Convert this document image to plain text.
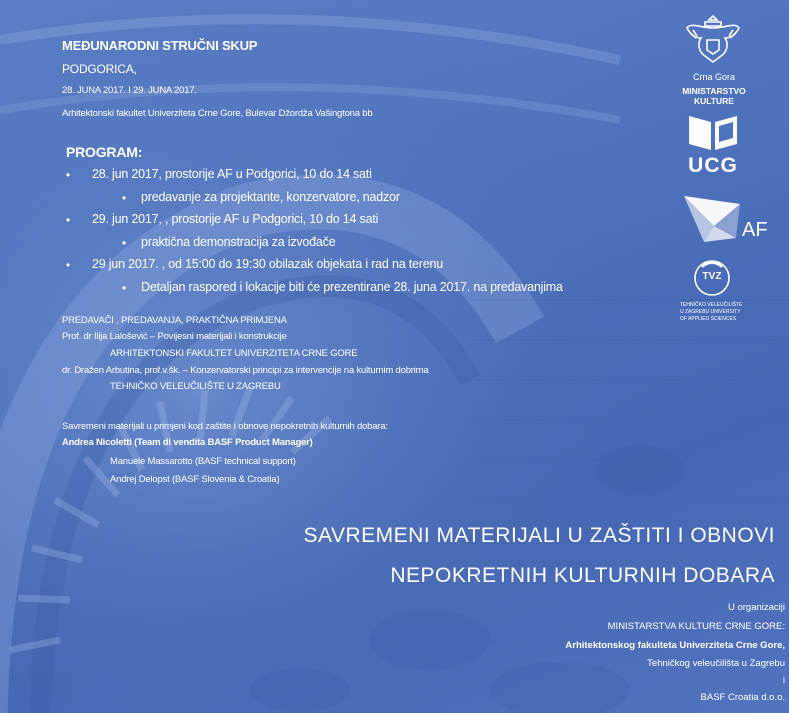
MEĐUNARODNI STRUČNI SKUP
PODGORICA,
28. JUNA 2017. I 29. JUNA 2017.
Arhitektonski fakultet Univerziteta Crne Gore, Bulevar Džordža Vašingtona bb
PROGRAM:
• 28. jun 2017, prostorije AF u Podgorici, 10 do 14 sati
• predavanje za projektante, konzervatore, nadzor
• 29. jun 2017, , prostorije AF u Podgorici, 10 do 14 sati
• praktična demonstracija za izvođače
• 29 jun 2017. , od 15:00 do 19:30 obilazak objekata i rad na terenu
• Detaljan raspored i lokacije biti će prezentirane 28. juna 2017. na predavanjima
PREDAVAČI , PREDAVANJA, PRAKTIČNA PRIMJENA
Prof. dr Ilija Lalošević – Povijesni materijali i konstrukcije
ARHITEKTONSKI FAKULTET UNIVERZITETA CRNE GORE
dr. Dražen Arbutina, prof.v.šk. – Konzervatorski principi za intervencije na kulturnim dobrima
TEHNIČKO VELEUČILIŠTE U ZAGREBU
Savremeni materijali u primjeni kod zaštite i obnove nepokretnih kulturnih dobara:
Andrea Nicoletti (Team di vendita BASF Product Manager)
Manuele Massarotto (BASF technical support)
Andrej Delopst (BASF Slovenia & Croatia)
SAVREMENI MATERIJALI U ZAŠTITI I OBNOVI
NEPOKRETNIH KULTURNIH DOBARA
U organizaciji
MINISTARSTVA KULTURE CRNE GORE:
Arhitektonskog fakulteta Univerziteta Crne Gore,
Tehničkog veleučilišta u Zagrebu
i
BASF Croatia d.o.o.
Crna Gora
MINISTARSTVO KULTURE
UCG
AF
TVZ
TEHNIČKO VELEUČILIŠTE
U ZAGREBU UNIVERSITY
OF APPLIED SCIENCES
